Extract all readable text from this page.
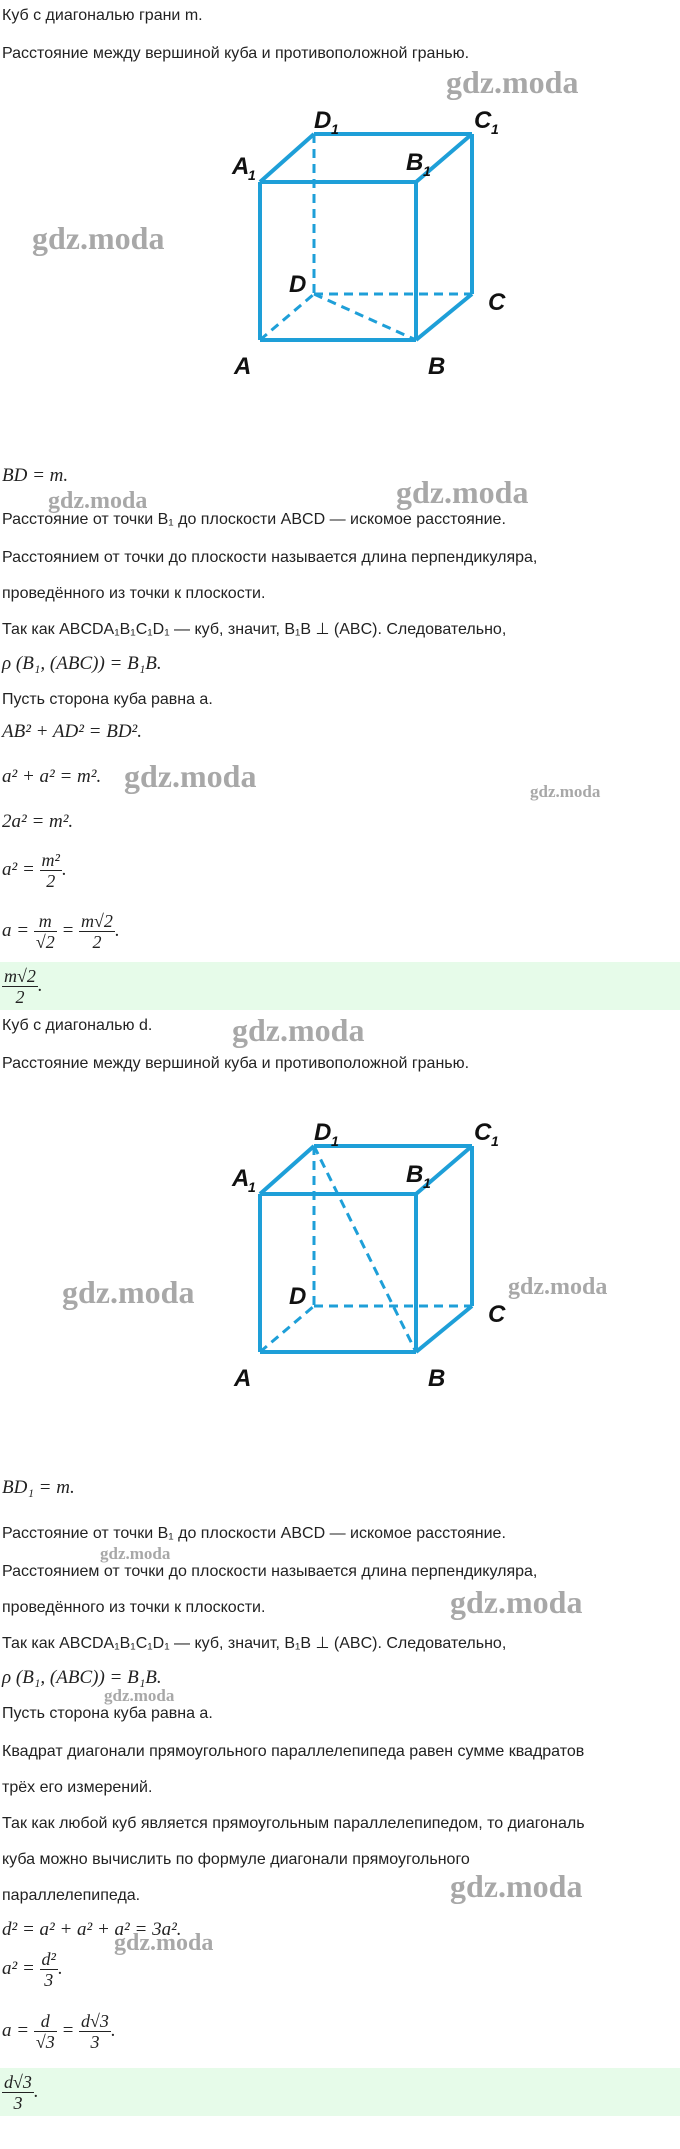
Куб с диагональю грани m.
Расстояние между вершиной куба и противоположной гранью.
A
1
D 1	C 1
B 1
D
C
A	B
BD = m.
Расстояние от точки B₁ до плоскости ABCD — искомое расстояние.
Расстоянием от точки до плоскости называется длина перпендикуляра,
проведённого из точки к плоскости.
Так как ABCDA₁B₁C₁D₁ — куб, значит, B₁B ⊥ (ABC). Следовательно,
ρ (B₁, (ABC)) = B₁B.
Пусть сторона куба равна a.
AB² + AD² = BD².
a² + a² = m².
2a² = m².
$a^2 = \frac{\text{m²}}{2}$ .
$a = \frac{m}{√2} = \frac{m√2}{2}$ .
$\frac{m√2}{2}$ .
Куб с диагональю d.
Расстояние между вершиной куба и противоположной гранью.
A
1
D 1	C 1
B 1
D
C
A	B
BD₁ = m.
Расстояние от точки B₁ до плоскости ABCD — искомое расстояние.
Расстоянием от точки до плоскости называется длина перпендикуляра,
проведённого из точки к плоскости.
Так как ABCDA₁B₁C₁D₁ — куб, значит, B₁B ⊥ (ABC). Следовательно,
ρ (B₁, (ABC)) = B₁B.
Пусть сторона куба равна a.
Квадрат диагонали прямоугольного параллелепипеда равен сумме квадратов
трёх его измерений.
Так как любой куб является прямоугольным параллелепипедом, то диагональ
куба можно вычислить по формуле диагонали прямоугольного
параллелепипеда.
d² = a² + a² + a² = 3a².
$a^2 = \frac{\text{d²}}{3}$ .
$a = \frac{d}{√3} = \frac{d√3}{3}$ .
$\frac{d√3}{3}$ .
gdz.moda
gdz.moda
gdz.moda	gdz.moda
gdz.moda	gdz.moda
gdz.moda
gdz.moda	gdz.moda
gdz.moda
gdz.moda
gdz.moda
gdz.moda
gdz.moda
